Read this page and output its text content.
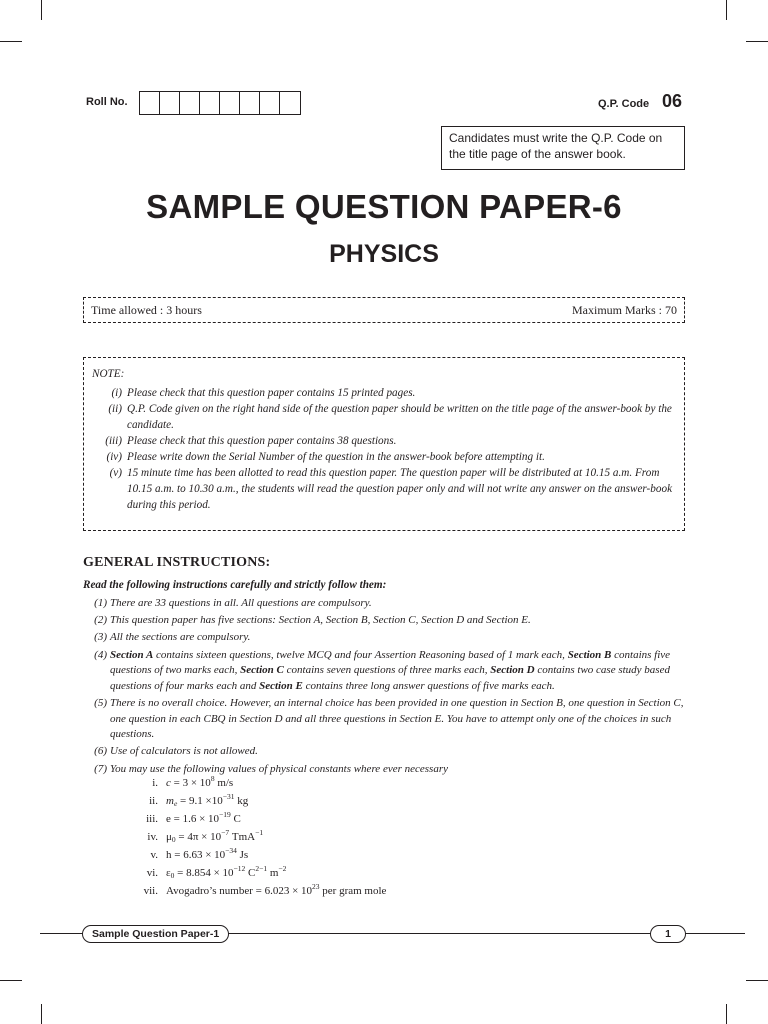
Roll No.	Q.P. Code 06
Candidates must write the Q.P. Code on the title page of the answer book.
SAMPLE QUESTION PAPER-6
PHYSICS
Time allowed : 3 hours	Maximum Marks : 70
NOTE:
(i) Please check that this question paper contains 15 printed pages.
(ii) Q.P. Code given on the right hand side of the question paper should be written on the title page of the answer-book by the candidate.
(iii) Please check that this question paper contains 38 questions.
(iv) Please write down the Serial Number of the question in the answer-book before attempting it.
(v) 15 minute time has been allotted to read this question paper. The question paper will be distributed at 10.15 a.m. From 10.15 a.m. to 10.30 a.m., the students will read the question paper only and will not write any answer on the answer-book during this period.
GENERAL INSTRUCTIONS:
Read the following instructions carefully and strictly follow them:
(1) There are 33 questions in all. All questions are compulsory.
(2) This question paper has five sections: Section A, Section B, Section C, Section D and Section E.
(3) All the sections are compulsory.
(4) Section A contains sixteen questions, twelve MCQ and four Assertion Reasoning based of 1 mark each, Section B contains five questions of two marks each, Section C contains seven questions of three marks each, Section D contains two case study based questions of four marks each and Section E contains three long answer questions of five marks each.
(5) There is no overall choice. However, an internal choice has been provided in one question in Section B, one question in Section C, one question in each CBQ in Section D and all three questions in Section E. You have to attempt only one of the choices in such questions.
(6) Use of calculators is not allowed.
(7) You may use the following values of physical constants where ever necessary
i. $c = 3 \times 10^8$ m/s
ii. $m_e = 9.1 \times 10^{-31}$ kg
iii. $e = 1.6 \times 10^{-19}$ C
iv. $\mu_0 = 4\pi \times 10^{-7}$ TmA$^{-1}$
v. $h = 6.63 \times 10^{-34}$ Js
vi. $\varepsilon_0 = 8.854 \times 10^{-12}$ $C^{2-1}$ $m^{-2}$
vii. Avogadro’s number = $6.023 \times 10^{23}$ per gram mole
Sample Question Paper-1	1
